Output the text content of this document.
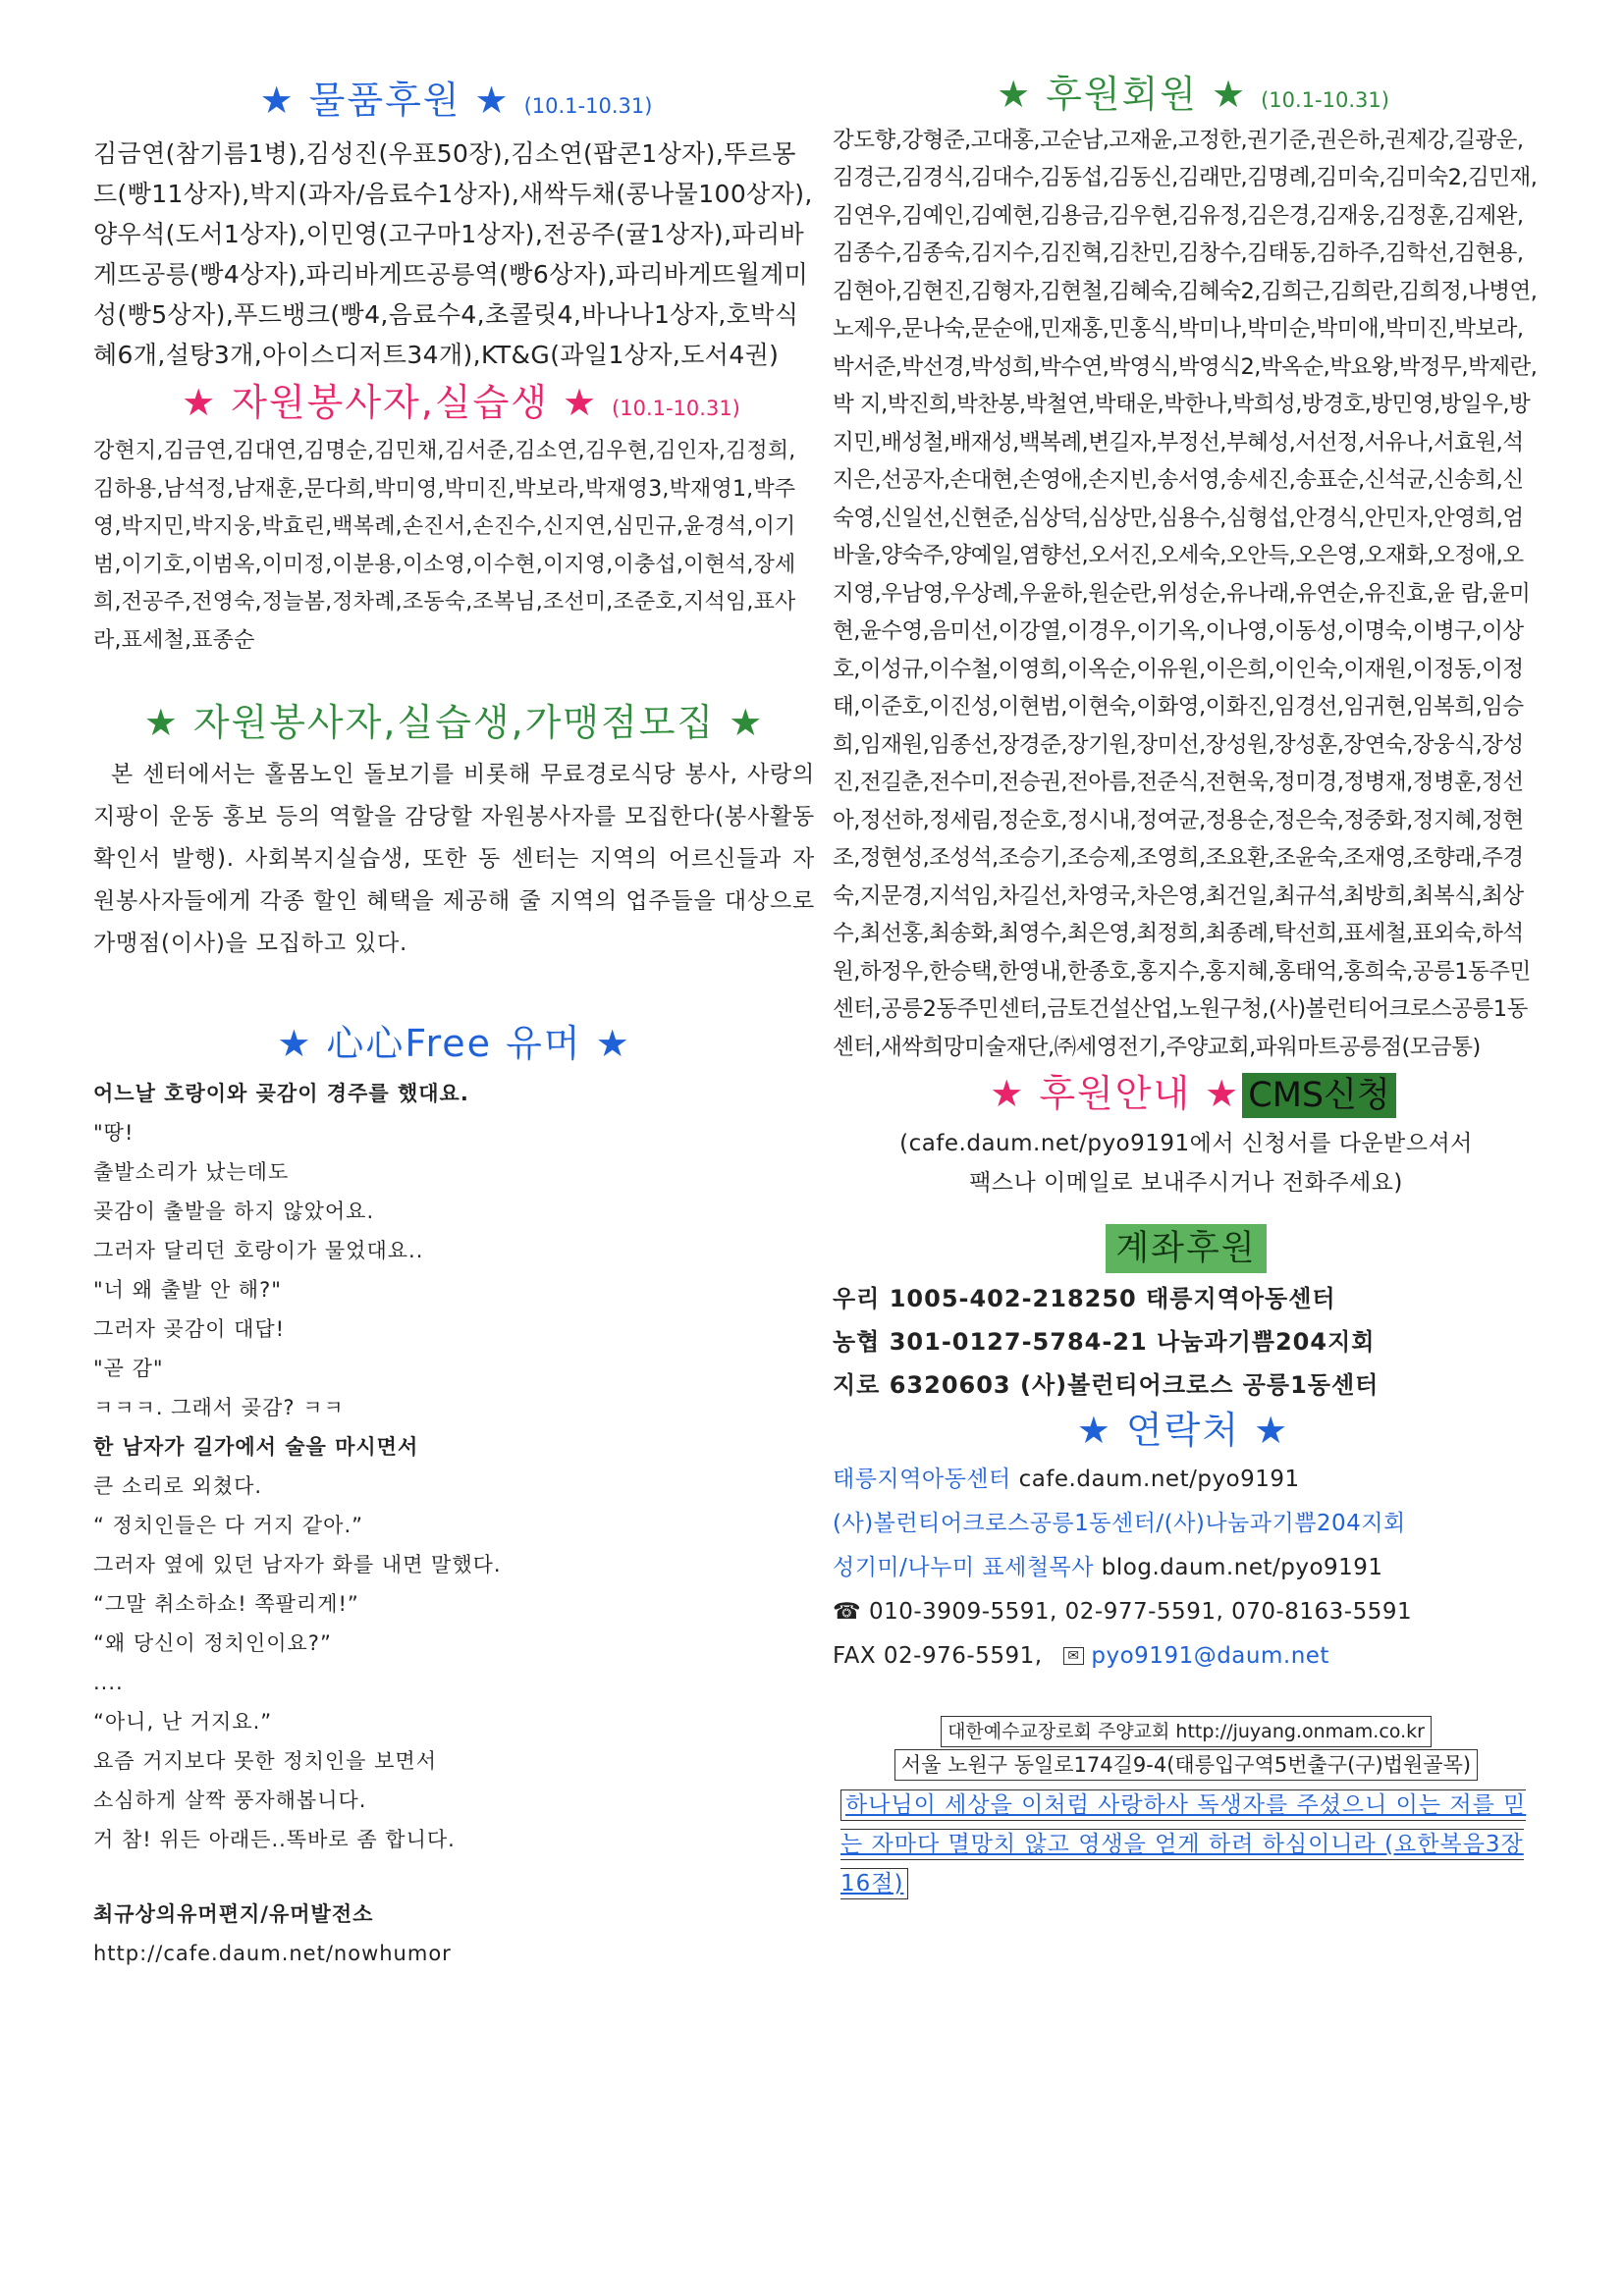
★ 물품후원 ★ (10.1-10.31)
김금연(참기름1병),김성진(우표50장),김소연(팝콘1상자),뚜르몽드(빵11상자),박지(과자/음료수1상자),새싹두채(콩나물100상자),양우석(도서1상자),이민영(고구마1상자),전공주(귤1상자),파리바게뜨공릉(빵4상자),파리바게뜨공릉역(빵6상자),파리바게뜨월계미성(빵5상자),푸드뱅크(빵4,음료수4,초콜릿4,바나나1상자,호박식혜6개,설탕3개,아이스디저트34개),KT&G(과일1상자,도서4권)
★ 자원봉사자,실습생 ★ (10.1-10.31)
강현지,김금연,김대연,김명순,김민채,김서준,김소연,김우현,김인자,김정희,김하용,남석정,남재훈,문다희,박미영,박미진,박보라,박재영3,박재영1,박주영,박지민,박지웅,박효린,백복례,손진서,손진수,신지연,심민규,윤경석,이기범,이기호,이범옥,이미정,이분용,이소영,이수현,이지영,이충섭,이현석,장세희,전공주,전영숙,정늘봄,정차례,조동숙,조복님,조선미,조준호,지석임,표사라,표세철,표종순
★ 자원봉사자,실습생,가맹점모집 ★
본 센터에서는 홀몸노인 돌보기를 비롯해 무료경로식당 봉사, 사랑의 지팡이 운동 홍보 등의 역할을 감당할 자원봉사자를 모집한다(봉사활동 확인서 발행). 사회복지실습생, 또한 동 센터는 지역의 어르신들과 자원봉사자들에게 각종 할인 혜택을 제공해 줄 지역의 업주들을 대상으로 가맹점(이사)을 모집하고 있다.
★ 心心Free 유머 ★
어느날 호랑이와 곶감이 경주를 했대요.
"땅!
출발소리가 났는데도
곶감이 출발을 하지 않았어요.
그러자 달리던 호랑이가 물었대요..
"너 왜 출발 안 해?"
그러자 곶감이 대답!
"곧 감"
ㅋㅋㅋ. 그래서 곶감? ㅋㅋ
한 남자가 길가에서 술을 마시면서
큰 소리로 외쳤다.
“ 정치인들은 다 거지 같아.”
그러자 옆에 있던 남자가 화를 내면 말했다.
“그말 취소하쇼! 쪽팔리게!”
“왜 당신이 정치인이요?”
....
“아니, 난 거지요.”
요즘 거지보다 못한 정치인을 보면서
소심하게 살짝 풍자해봅니다.
거 참! 위든 아래든..똑바로 좀 합니다.
최규상의유머편지/유머발전소
http://cafe.daum.net/nowhumor
★ 후원회원 ★ (10.1-10.31)
강도향,강형준,고대홍,고순남,고재윤,고정한,권기준,권은하,권제강,길광운,김경근,김경식,김대수,김동섭,김동신,김래만,김명례,김미숙,김미숙2,김민재,김연우,김예인,김예현,김용금,김우현,김유정,김은경,김재웅,김정훈,김제완,김종수,김종숙,김지수,김진혁,김찬민,김창수,김태동,김하주,김학선,김현용,김현아,김현진,김형자,김현철,김혜숙,김혜숙2,김희근,김희란,김희정,나병연,노제우,문나숙,문순애,민재홍,민홍식,박미나,박미순,박미애,박미진,박보라,박서준,박선경,박성희,박수연,박영식,박영식2,박옥순,박요왕,박정무,박제란,박 지,박진희,박찬봉,박철연,박태운,박한나,박희성,방경호,방민영,방일우,방지민,배성철,배재성,백복례,변길자,부정선,부혜성,서선정,서유나,서효원,석지은,선공자,손대현,손영애,손지빈,송서영,송세진,송표순,신석균,신송희,신숙영,신일선,신현준,심상덕,심상만,심용수,심형섭,안경식,안민자,안영희,엄바울,양숙주,양예일,염향선,오서진,오세숙,오안득,오은영,오재화,오정애,오지영,우남영,우상례,우윤하,원순란,위성순,유나래,유연순,유진효,윤 람,윤미현,윤수영,음미선,이강열,이경우,이기옥,이나영,이동성,이명숙,이병구,이상호,이성규,이수철,이영희,이옥순,이유원,이은희,이인숙,이재원,이정동,이정태,이준호,이진성,이현범,이현숙,이화영,이화진,임경선,임귀현,임복희,임승희,임재원,임종선,장경준,장기원,장미선,장성원,장성훈,장연숙,장웅식,장성진,전길춘,전수미,전승권,전아름,전준식,전현욱,정미경,정병재,정병훈,정선아,정선하,정세림,정순호,정시내,정여균,정용순,정은숙,정중화,정지혜,정현조,정현성,조성석,조승기,조승제,조영희,조요환,조윤숙,조재영,조향래,주경숙,지문경,지석임,차길선,차영국,차은영,최건일,최규석,최방희,최복식,최상수,최선홍,최송화,최영수,최은영,최정희,최종례,탁선희,표세철,표외숙,하석원,하정우,한승택,한영내,한종호,홍지수,홍지혜,홍태억,홍희숙,공릉1동주민센터,공릉2동주민센터,금토건설산업,노원구청,(사)볼런티어크로스공릉1동센터,새싹희망미술재단,㈜세영전기,주양교회,파워마트공릉점(모금통)
★ 후원안내 ★ CMS신청
(cafe.daum.net/pyo9191에서 신청서를 다운받으셔서
팩스나 이메일로 보내주시거나 전화주세요)
계좌후원
우리 1005-402-218250 태릉지역아동센터
농협 301-0127-5784-21 나눔과기쁨204지회
지로 6320603 (사)볼런티어크로스 공릉1동센터
★ 연락처 ★
태릉지역아동센터 cafe.daum.net/pyo9191
(사)볼런티어크로스공릉1동센터/(사)나눔과기쁨204지회
성기미/나누미 표세철목사 blog.daum.net/pyo9191
☎ 010-3909-5591, 02-977-5591, 070-8163-5591
FAX 02-976-5591, ✉ pyo9191@daum.net
대한예수교장로회 주양교회 http://juyang.onmam.co.kr
서울 노원구 동일로174길9-4(태릉입구역5번출구(구)법원골목)
하나님이 세상을 이처럼 사랑하사 독생자를 주셨으니 이는 저를 믿는 자마다 멸망치 않고 영생을 얻게 하려 하심이니라 (요한복음3장16절)
